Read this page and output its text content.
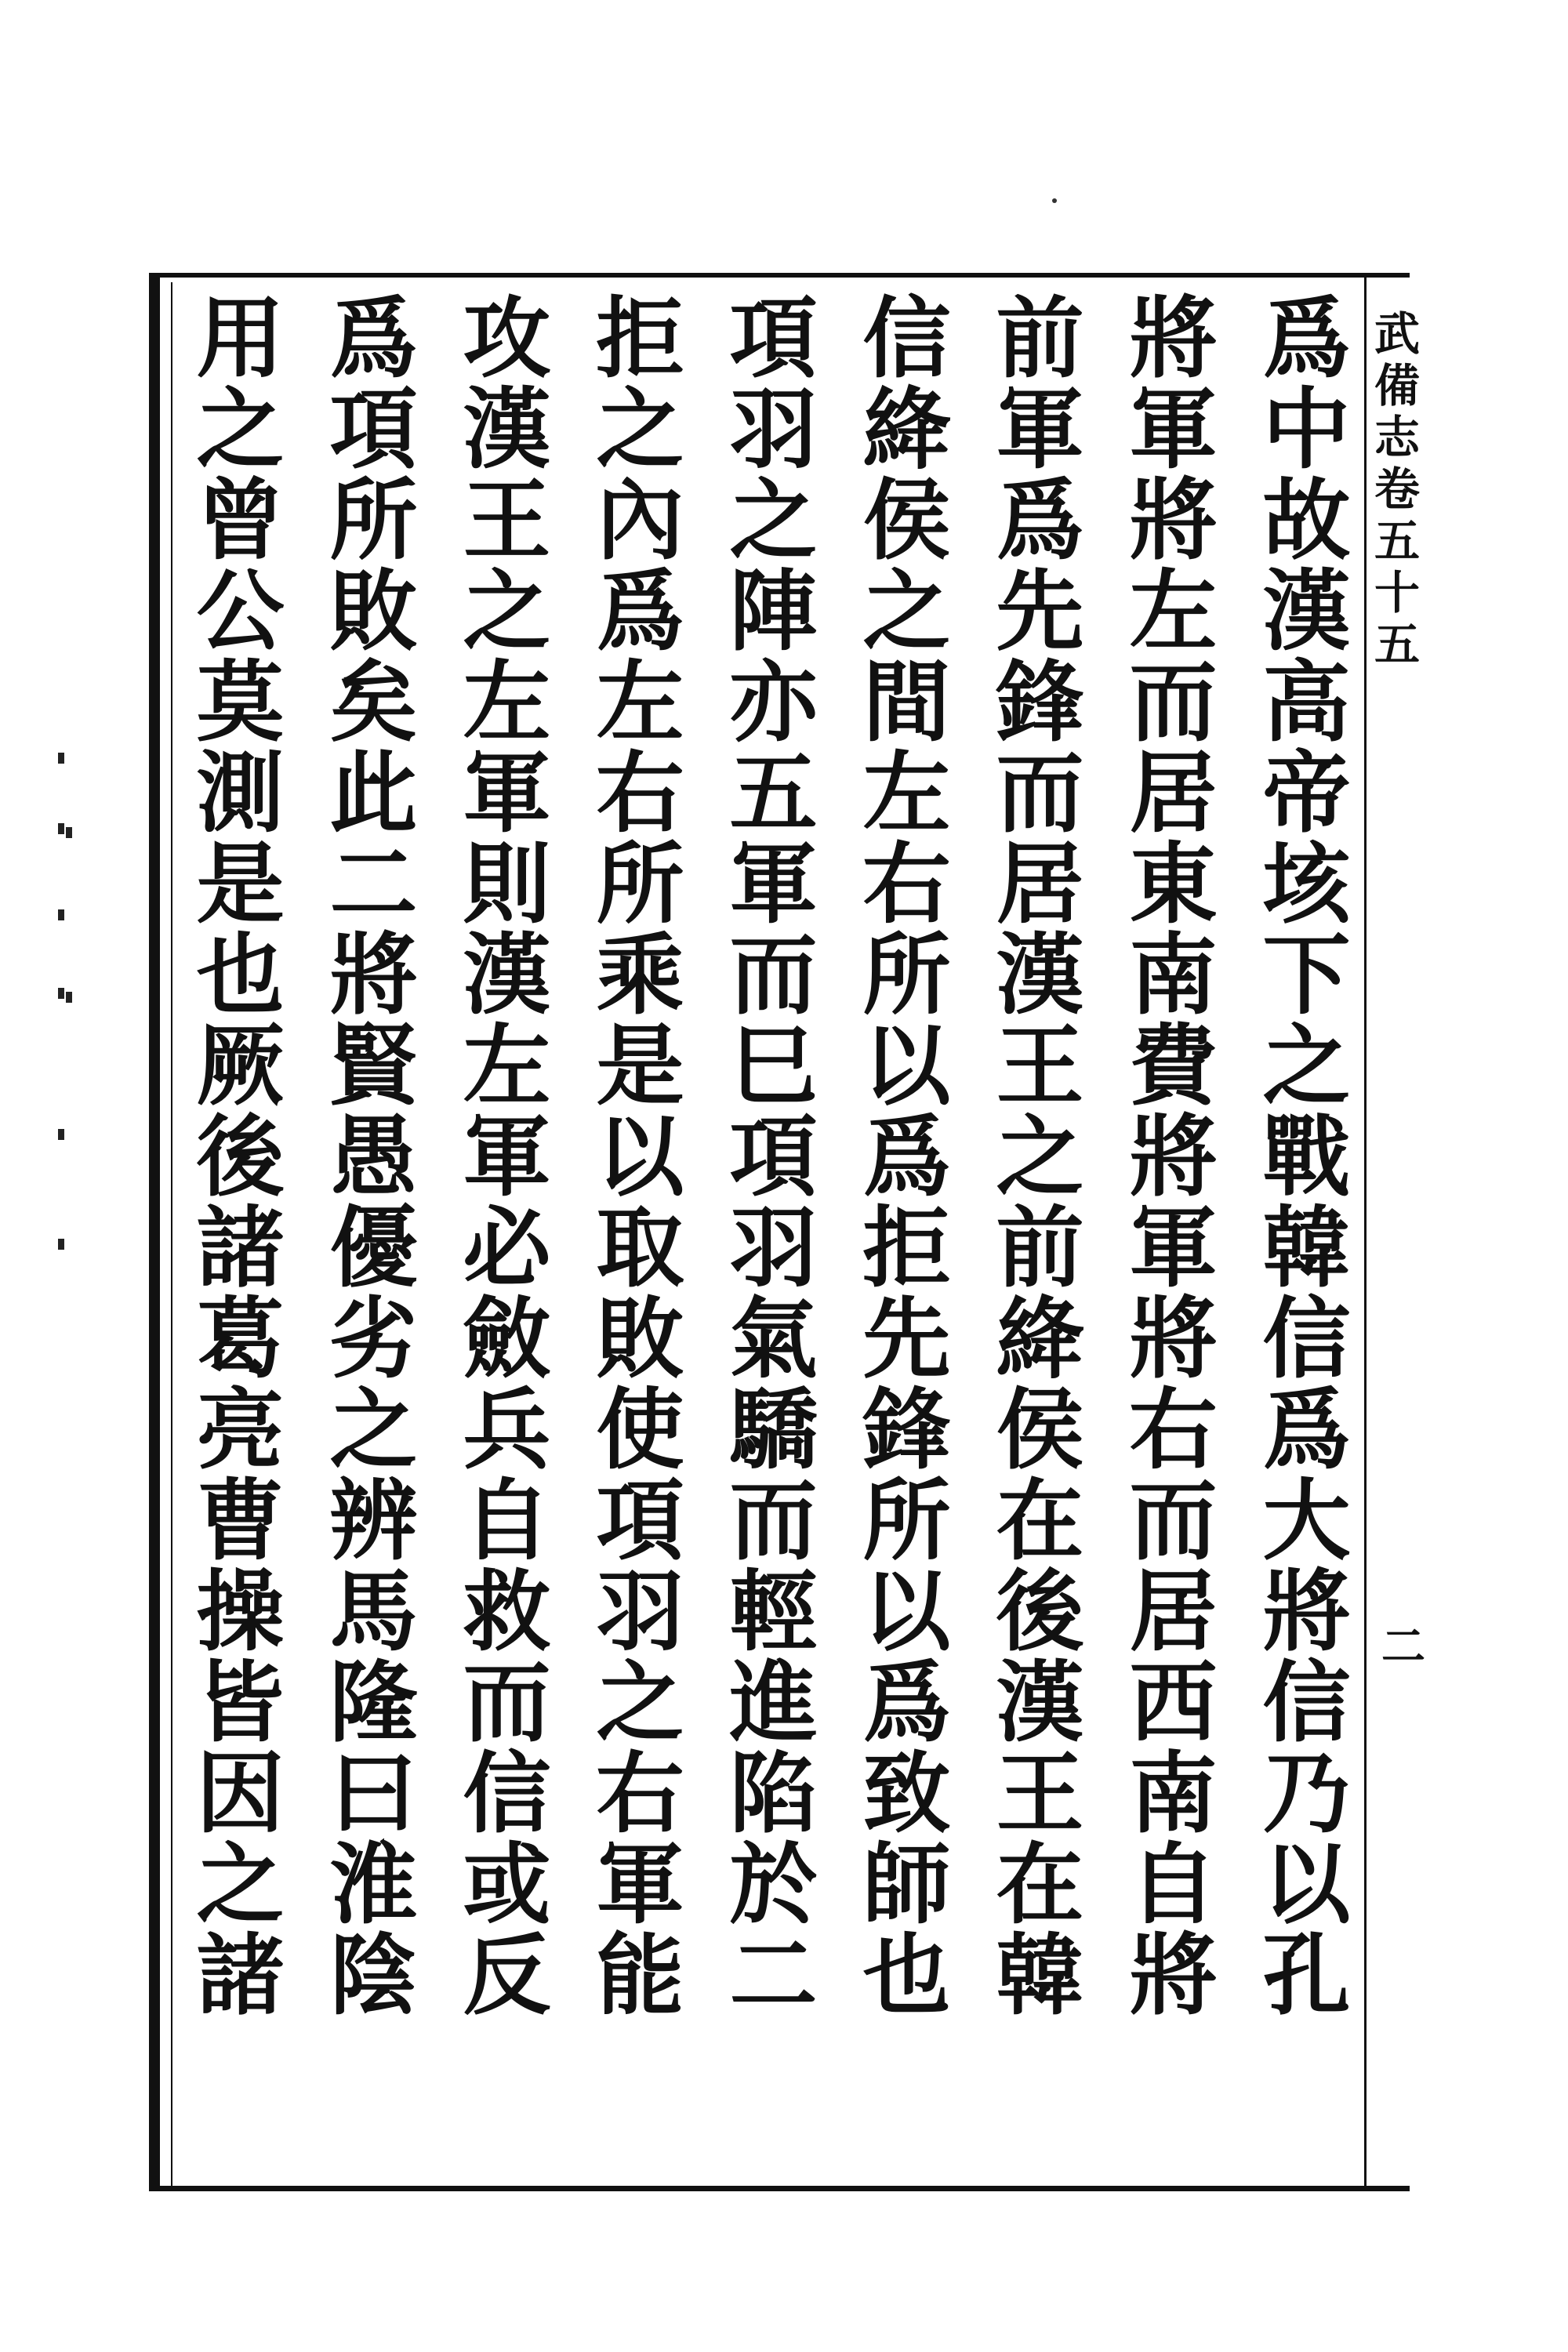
爲中故漢高帝垓下之戰韓信爲大將信乃以孔
將軍將左而居東南費將軍將右而居西南自將
前軍爲先鋒而居漢王之前絳侯在後漢王在韓
信絳侯之間左右所以爲拒先鋒所以爲致師也
項羽之陣亦五軍而巳項羽氣驕而輕進陷於二
拒之內爲左右所乘是以取敗使項羽之右軍能
攻漢王之左軍則漢左軍必斂兵自救而信或反
爲項所敗矣此二將賢愚優劣之辨馬隆曰淮陰
用之曾公莫測是也厥後諸葛亮曹操皆因之諸	武備志卷五十五
二
